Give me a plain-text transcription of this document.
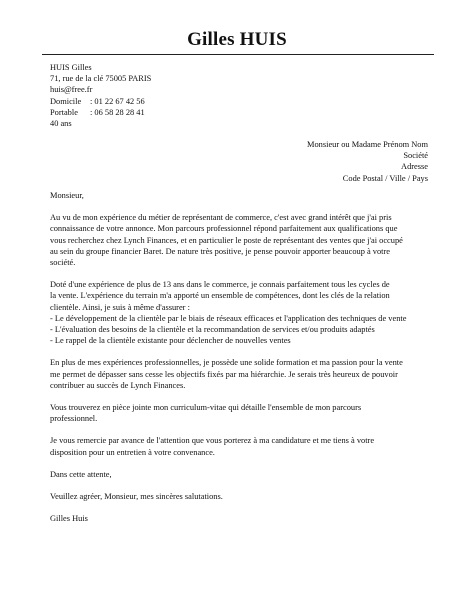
Gilles HUIS
HUIS Gilles
71, rue de la clé 75005 PARIS
huis@free.fr
Domicile : 01 22 67 42 56
Portable : 06 58 28 28 41
40 ans
Monsieur ou Madame Prénom Nom
Société
Adresse
Code Postal / Ville / Pays

Monsieur,

Au vu de mon expérience du métier de représentant de commerce, c'est avec grand intérêt que j'ai pris
connaissance de votre annonce. Mon parcours professionnel répond parfaitement aux qualifications que
vous recherchez chez Lynch Finances, et en particulier le poste de représentant des ventes que j'ai occupé
au sein du groupe financier Baret. De nature très positive, je pense pouvoir apporter beaucoup à votre
société.

Doté d'une expérience de plus de 13 ans dans le commerce, je connais parfaitement tous les cycles de
la vente. L'expérience du terrain m'a apporté un ensemble de compétences, dont les clés de la relation
clientèle. Ainsi, je suis à même d'assurer :
- Le développement de la clientèle par le biais de réseaux efficaces et l'application des techniques de vente
- L'évaluation des besoins de la clientèle et la recommandation de services et/ou produits adaptés
- Le rappel de la clientèle existante pour déclencher de nouvelles ventes

En plus de mes expériences professionnelles, je possède une solide formation et ma passion pour la vente
me permet de dépasser sans cesse les objectifs fixés par ma hiérarchie. Je serais très heureux de pouvoir
contribuer au succès de Lynch Finances.

Vous trouverez en pièce jointe mon curriculum-vitae qui détaille l'ensemble de mon parcours
professionnel.

Je vous remercie par avance de l'attention que vous porterez à ma candidature et me tiens à votre
disposition pour un entretien à votre convenance.

Dans cette attente,

Veuillez agréer, Monsieur, mes sincères salutations.

Gilles Huis
